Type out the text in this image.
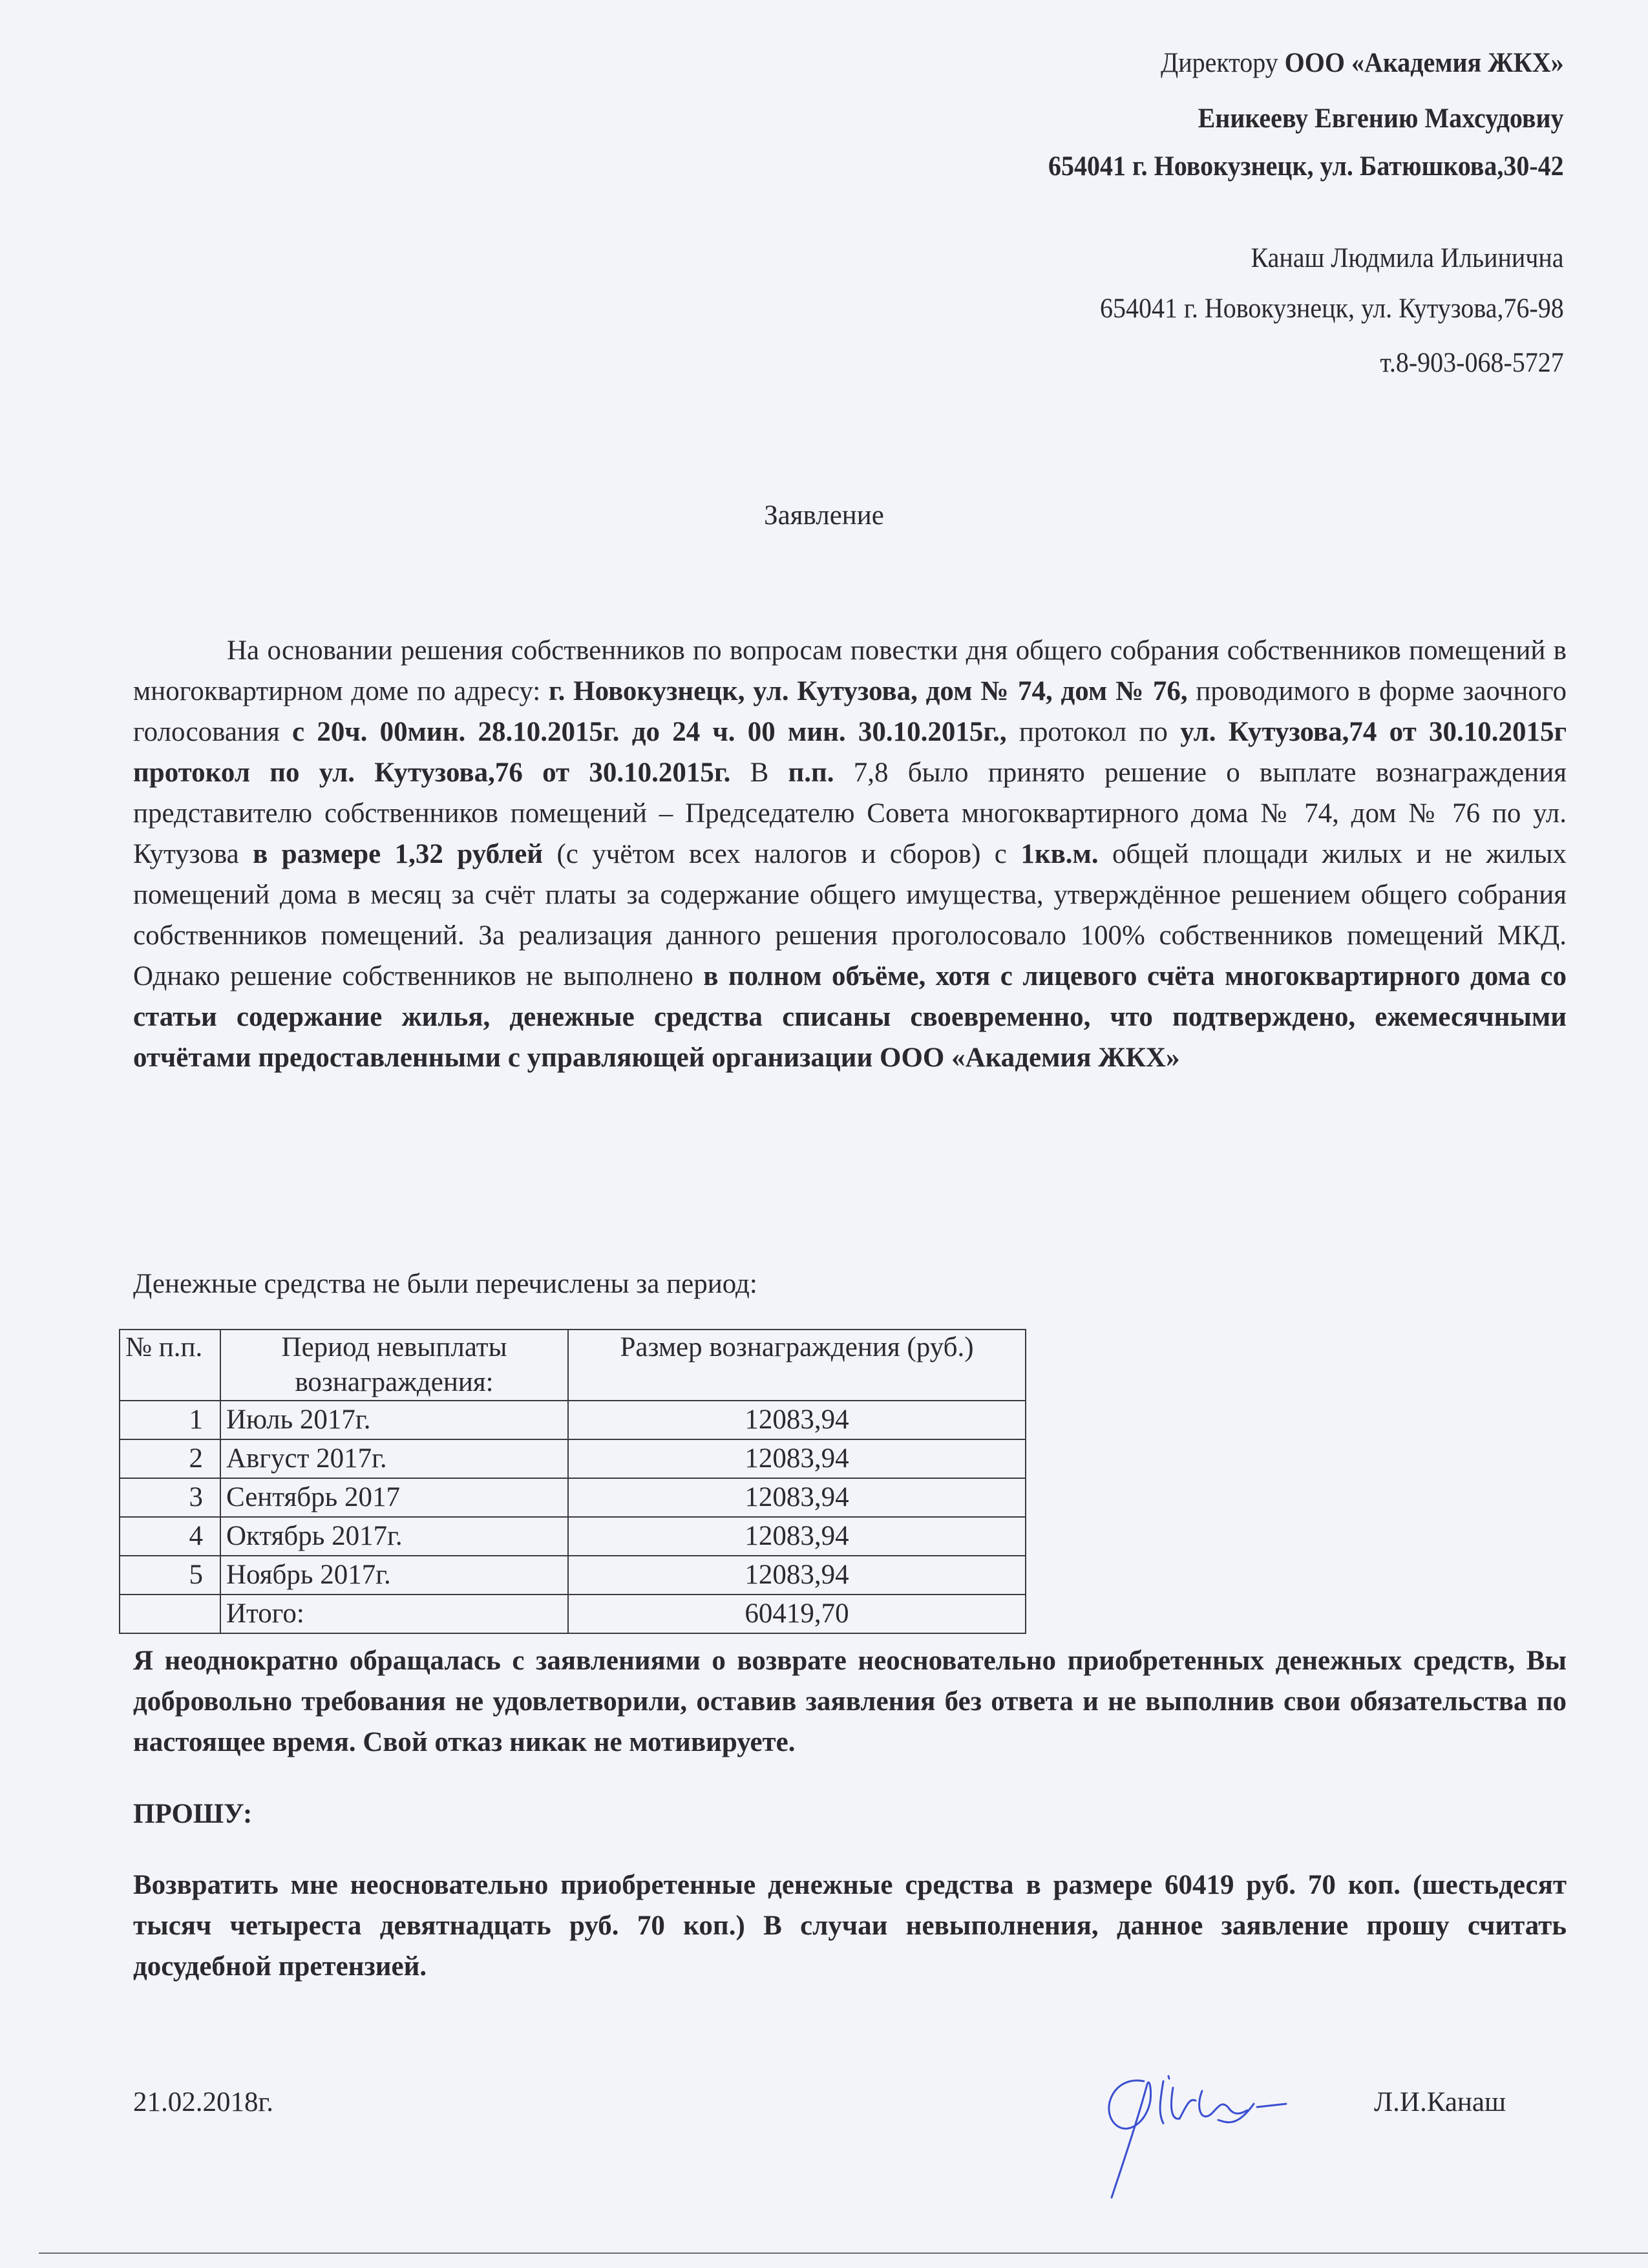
Директору ООО «Академия ЖКХ»
Еникееву Евгению Махсудовиу
654041 г. Новокузнецк, ул. Батюшкова,30-42
Канаш Людмила Ильинична
654041 г. Новокузнецк, ул. Кутузова,76-98
т.8-903-068-5727
Заявление
На основании решения собственников по вопросам повестки дня общего собрания собственников помещений в многоквартирном доме по адресу: г. Новокузнецк, ул. Кутузова, дом № 74, дом № 76, проводимого в форме заочного голосования с 20ч. 00мин. 28.10.2015г. до 24 ч. 00 мин. 30.10.2015г., протокол по ул. Кутузова,74 от 30.10.2015г протокол по ул. Кутузова,76 от 30.10.2015г. В п.п. 7,8 было принято решение о выплате вознаграждения представителю собственников помещений – Председателю Совета многоквартирного дома № 74, дом № 76 по ул. Кутузова в размере 1,32 рублей (с учётом всех налогов и сборов) с 1кв.м. общей площади жилых и не жилых помещений дома в месяц за счёт платы за содержание общего имущества, утверждённое решением общего собрания собственников помещений. За реализация данного решения проголосовало 100% собственников помещений МКД. Однако решение собственников не выполнено в полном объёме, хотя с лицевого счёта многоквартирного дома со статьи содержание жилья, денежные средства списаны своевременно, что подтверждено, ежемесячными отчётами предоставленными с управляющей организации ООО «Академия ЖКХ»
Денежные средства не были перечислены за период:
№ п.п.	Период невыплаты вознаграждения:	Размер вознаграждения (руб.)
1	Июль 2017г.	12083,94
2	Август 2017г.	12083,94
3	Сентябрь 2017	12083,94
4	Октябрь 2017г.	12083,94
5	Ноябрь 2017г.	12083,94
	Итого:	60419,70
Я неоднократно обращалась с заявлениями о возврате неосновательно приобретенных денежных средств, Вы добровольно требования не удовлетворили, оставив заявления без ответа и не выполнив свои обязательства по настоящее время. Свой отказ никак не мотивируете.
ПРОШУ:
Возвратить мне неосновательно приобретенные денежные средства в размере 60419 руб. 70 коп. (шестьдесят тысяч четыреста девятнадцать руб. 70 коп.) В случаи невыполнения, данное заявление прошу считать досудебной претензией.
21.02.2018г.	Л.И.Канаш
